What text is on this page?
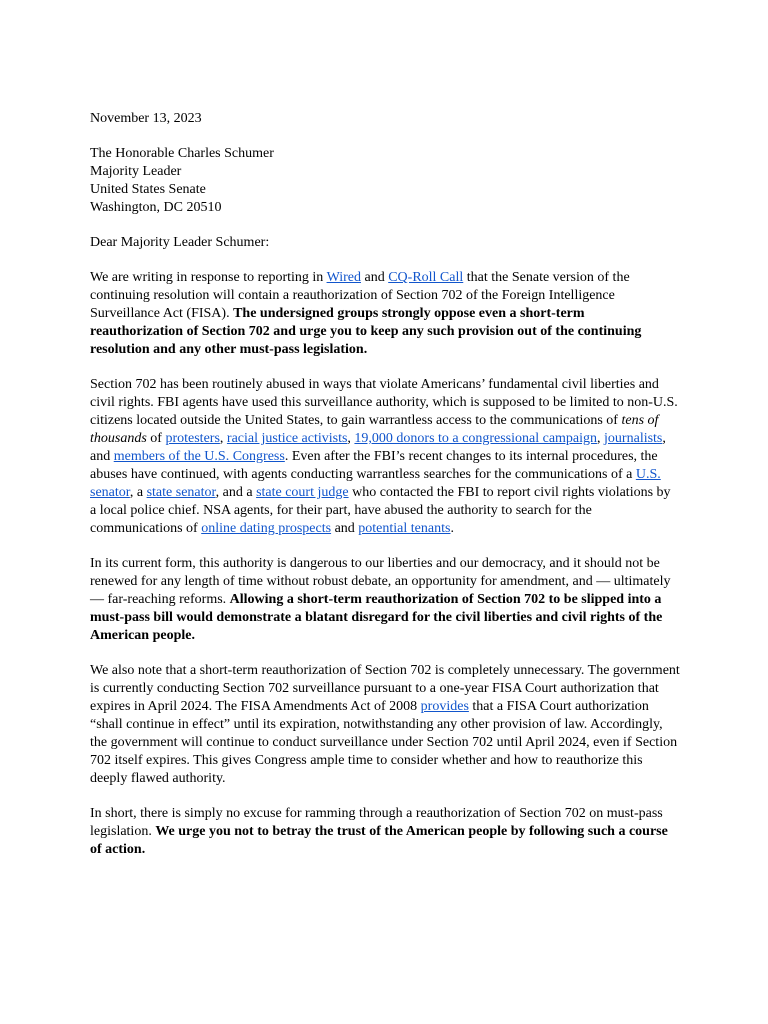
November 13, 2023
The Honorable Charles Schumer
Majority Leader
United States Senate
Washington, DC 20510
Dear Majority Leader Schumer:

We are writing in response to reporting in Wired and CQ-Roll Call that the Senate version of the continuing resolution will contain a reauthorization of Section 702 of the Foreign Intelligence Surveillance Act (FISA). The undersigned groups strongly oppose even a short-term reauthorization of Section 702 and urge you to keep any such provision out of the continuing resolution and any other must-pass legislation.

Section 702 has been routinely abused in ways that violate Americans’ fundamental civil liberties and civil rights. FBI agents have used this surveillance authority, which is supposed to be limited to non-U.S. citizens located outside the United States, to gain warrantless access to the communications of tens of thousands of protesters, racial justice activists, 19,000 donors to a congressional campaign, journalists, and members of the U.S. Congress. Even after the FBI’s recent changes to its internal procedures, the abuses have continued, with agents conducting warrantless searches for the communications of a U.S. senator, a state senator, and a state court judge who contacted the FBI to report civil rights violations by a local police chief. NSA agents, for their part, have abused the authority to search for the communications of online dating prospects and potential tenants.

In its current form, this authority is dangerous to our liberties and our democracy, and it should not be renewed for any length of time without robust debate, an opportunity for amendment, and — ultimately — far-reaching reforms. Allowing a short-term reauthorization of Section 702 to be slipped into a must-pass bill would demonstrate a blatant disregard for the civil liberties and civil rights of the American people.

We also note that a short-term reauthorization of Section 702 is completely unnecessary. The government is currently conducting Section 702 surveillance pursuant to a one-year FISA Court authorization that expires in April 2024. The FISA Amendments Act of 2008 provides that a FISA Court authorization “shall continue in effect” until its expiration, notwithstanding any other provision of law. Accordingly, the government will continue to conduct surveillance under Section 702 until April 2024, even if Section 702 itself expires. This gives Congress ample time to consider whether and how to reauthorize this deeply flawed authority.

In short, there is simply no excuse for ramming through a reauthorization of Section 702 on must-pass legislation. We urge you not to betray the trust of the American people by following such a course of action.
